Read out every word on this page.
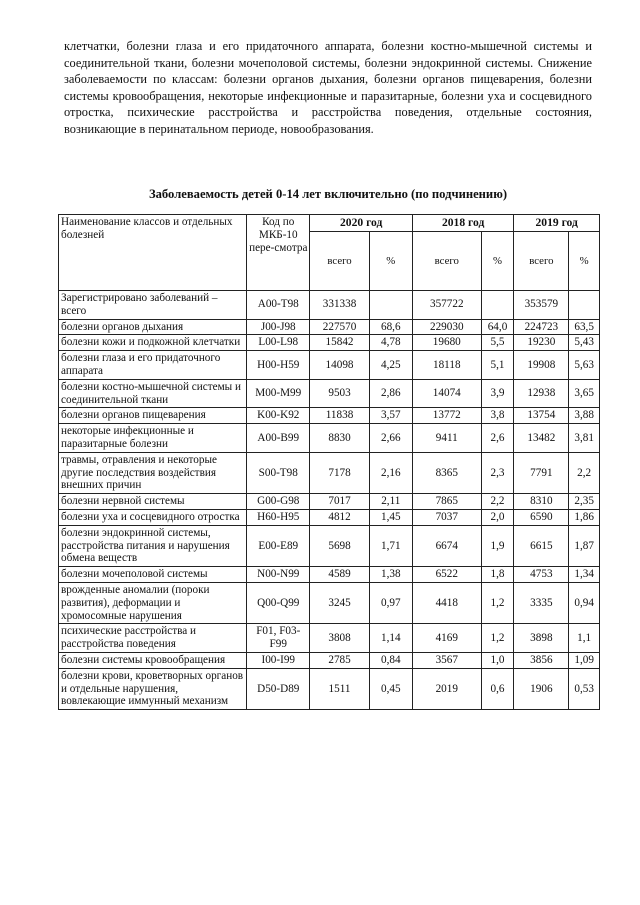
клетчатки, болезни глаза и его придаточного аппарата, болезни костно-мышечной системы и соединительной ткани, болезни мочеполовой системы, болезни эндокринной системы. Снижение заболеваемости по классам: болезни органов дыхания, болезни органов пищеварения, болезни системы кровообращения, некоторые инфекционные и паразитарные, болезни уха и сосцевидного отростка, психические расстройства и расстройства поведения, отдельные состояния, возникающие в перинатальном периоде, новообразования.

Заболеваемость детей 0-14 лет включительно (по подчинению)
Наименование классов и отдельных болезней	Код по МКБ-10 пере-смотра	2020 год		2018 год		2019 год	
		всего	%	всего	%	всего	%
Зарегистрировано заболеваний – всего	A00-T98	331338		357722		353579	
болезни органов дыхания	J00-J98	227570	68,6	229030	64,0	224723	63,5
болезни кожи и подкожной клетчатки	L00-L98	15842	4,78	19680	5,5	19230	5,43
болезни глаза и его придаточного аппарата	H00-H59	14098	4,25	18118	5,1	19908	5,63
болезни костно-мышечной системы и соединительной ткани	M00-M99	9503	2,86	14074	3,9	12938	3,65
болезни органов пищеварения	K00-K92	11838	3,57	13772	3,8	13754	3,88
некоторые инфекционные и паразитарные болезни	A00-B99	8830	2,66	9411	2,6	13482	3,81
травмы, отравления и некоторые другие последствия воздействия внешних причин	S00-T98	7178	2,16	8365	2,3	7791	2,2
болезни нервной системы	G00-G98	7017	2,11	7865	2,2	8310	2,35
болезни уха и сосцевидного отростка	H60-H95	4812	1,45	7037	2,0	6590	1,86
болезни эндокринной системы, расстройства питания и нарушения обмена веществ	E00-E89	5698	1,71	6674	1,9	6615	1,87
болезни мочеполовой системы	N00-N99	4589	1,38	6522	1,8	4753	1,34
врожденные аномалии (пороки развития), деформации и хромосомные нарушения	Q00-Q99	3245	0,97	4418	1,2	3335	0,94
психические расстройства и расстройства поведения	F01, F03-F99	3808	1,14	4169	1,2	3898	1,1
болезни системы кровообращения	I00-I99	2785	0,84	3567	1,0	3856	1,09
болезни крови, кроветворных органов и отдельные нарушения, вовлекающие иммунный механизм	D50-D89	1511	0,45	2019	0,6	1906	0,53
